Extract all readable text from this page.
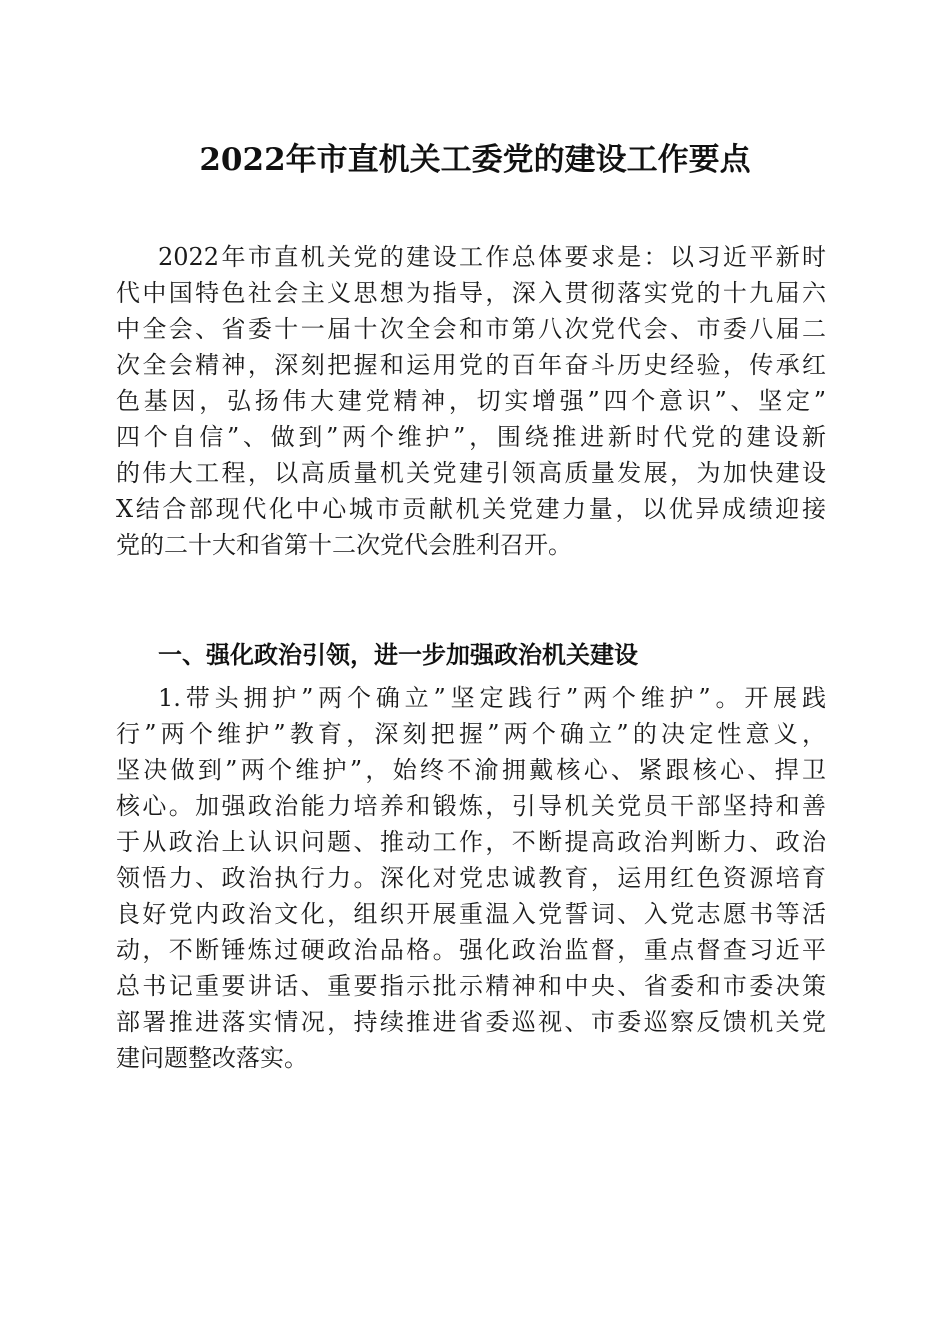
2022年市直机关工委党的建设工作要点

2022年市直机关党的建设工作总体要求是：以习近平新时

代中国特色社会主义思想为指导，深入贯彻落实党的十九届六

中全会、省委十一届十次全会和市第八次党代会、市委八届二

次全会精神，深刻把握和运用党的百年奋斗历史经验，传承红

色基因，弘扬伟大建党精神，切实增强”四个意识”、坚定”

四个自信”、做到”两个维护”，围绕推进新时代党的建设新

的伟大工程，以高质量机关党建引领高质量发展，为加快建设

X结合部现代化中心城市贡献机关党建力量，以优异成绩迎接

党的二十大和省第十二次党代会胜利召开。

一、强化政治引领，进一步加强政治机关建设

1.带头拥护”两个确立”坚定践行”两个维护”。开展践

行”两个维护”教育，深刻把握”两个确立”的决定性意义，

坚决做到”两个维护”，始终不渝拥戴核心、紧跟核心、捍卫

核心。加强政治能力培养和锻炼，引导机关党员干部坚持和善

于从政治上认识问题、推动工作，不断提高政治判断力、政治

领悟力、政治执行力。深化对党忠诚教育，运用红色资源培育

良好党内政治文化，组织开展重温入党誓词、入党志愿书等活

动，不断锤炼过硬政治品格。强化政治监督，重点督查习近平

总书记重要讲话、重要指示批示精神和中央、省委和市委决策

部署推进落实情况，持续推进省委巡视、市委巡察反馈机关党

建问题整改落实。
